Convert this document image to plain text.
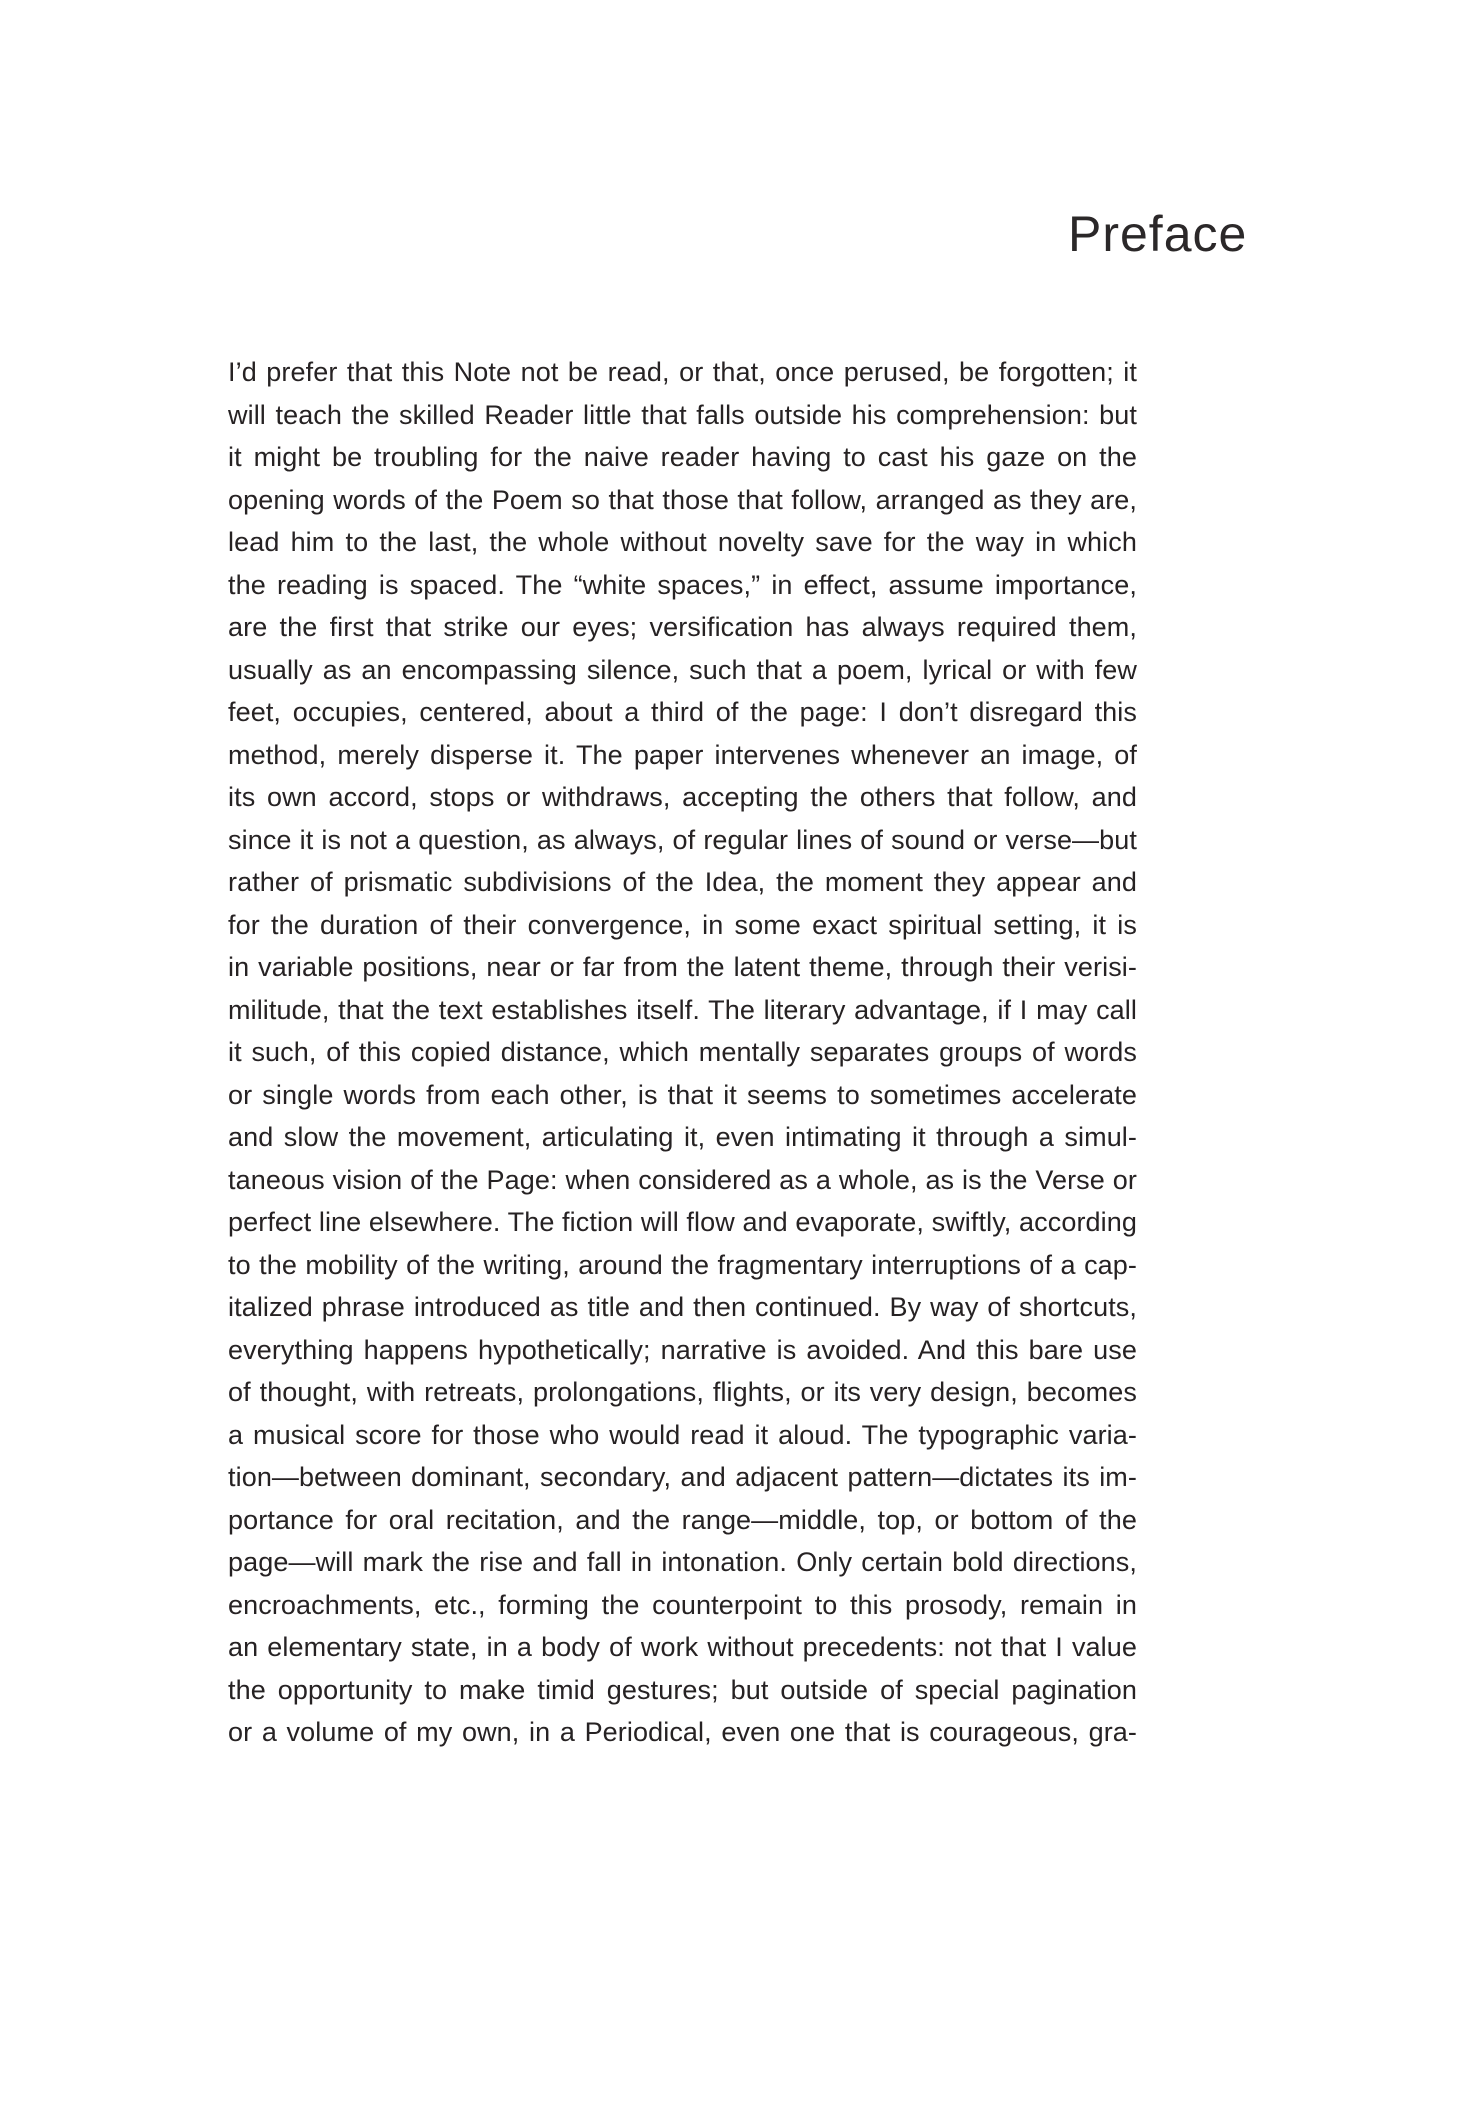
Preface
I’d prefer that this Note not be read, or that, once perused, be forgotten; it
will teach the skilled Reader little that falls outside his comprehension: but
it might be troubling for the naive reader having to cast his gaze on the
opening words of the Poem so that those that follow, arranged as they are,
lead him to the last, the whole without novelty save for the way in which
the reading is spaced. The “white spaces,” in effect, assume importance,
are the first that strike our eyes; versification has always required them,
usually as an encompassing silence, such that a poem, lyrical or with few
feet, occupies, centered, about a third of the page: I don’t disregard this
method, merely disperse it. The paper intervenes whenever an image, of
its own accord, stops or withdraws, accepting the others that follow, and
since it is not a question, as always, of regular lines of sound or verse—but
rather of prismatic subdivisions of the Idea, the moment they appear and
for the duration of their convergence, in some exact spiritual setting, it is
in variable positions, near or far from the latent theme, through their verisi-
militude, that the text establishes itself. The literary advantage, if I may call
it such, of this copied distance, which mentally separates groups of words
or single words from each other, is that it seems to sometimes accelerate
and slow the movement, articulating it, even intimating it through a simul-
taneous vision of the Page: when considered as a whole, as is the Verse or
perfect line elsewhere. The fiction will flow and evaporate, swiftly, according
to the mobility of the writing, around the fragmentary interruptions of a cap-
italized phrase introduced as title and then continued. By way of shortcuts,
everything happens hypothetically; narrative is avoided. And this bare use
of thought, with retreats, prolongations, flights, or its very design, becomes
a musical score for those who would read it aloud. The typographic varia-
tion—between dominant, secondary, and adjacent pattern—dictates its im-
portance for oral recitation, and the range—middle, top, or bottom of the
page—will mark the rise and fall in intonation. Only certain bold directions,
encroachments, etc., forming the counterpoint to this prosody, remain in
an elementary state, in a body of work without precedents: not that I value
the opportunity to make timid gestures; but outside of special pagination
or a volume of my own, in a Periodical, even one that is courageous, gra-
